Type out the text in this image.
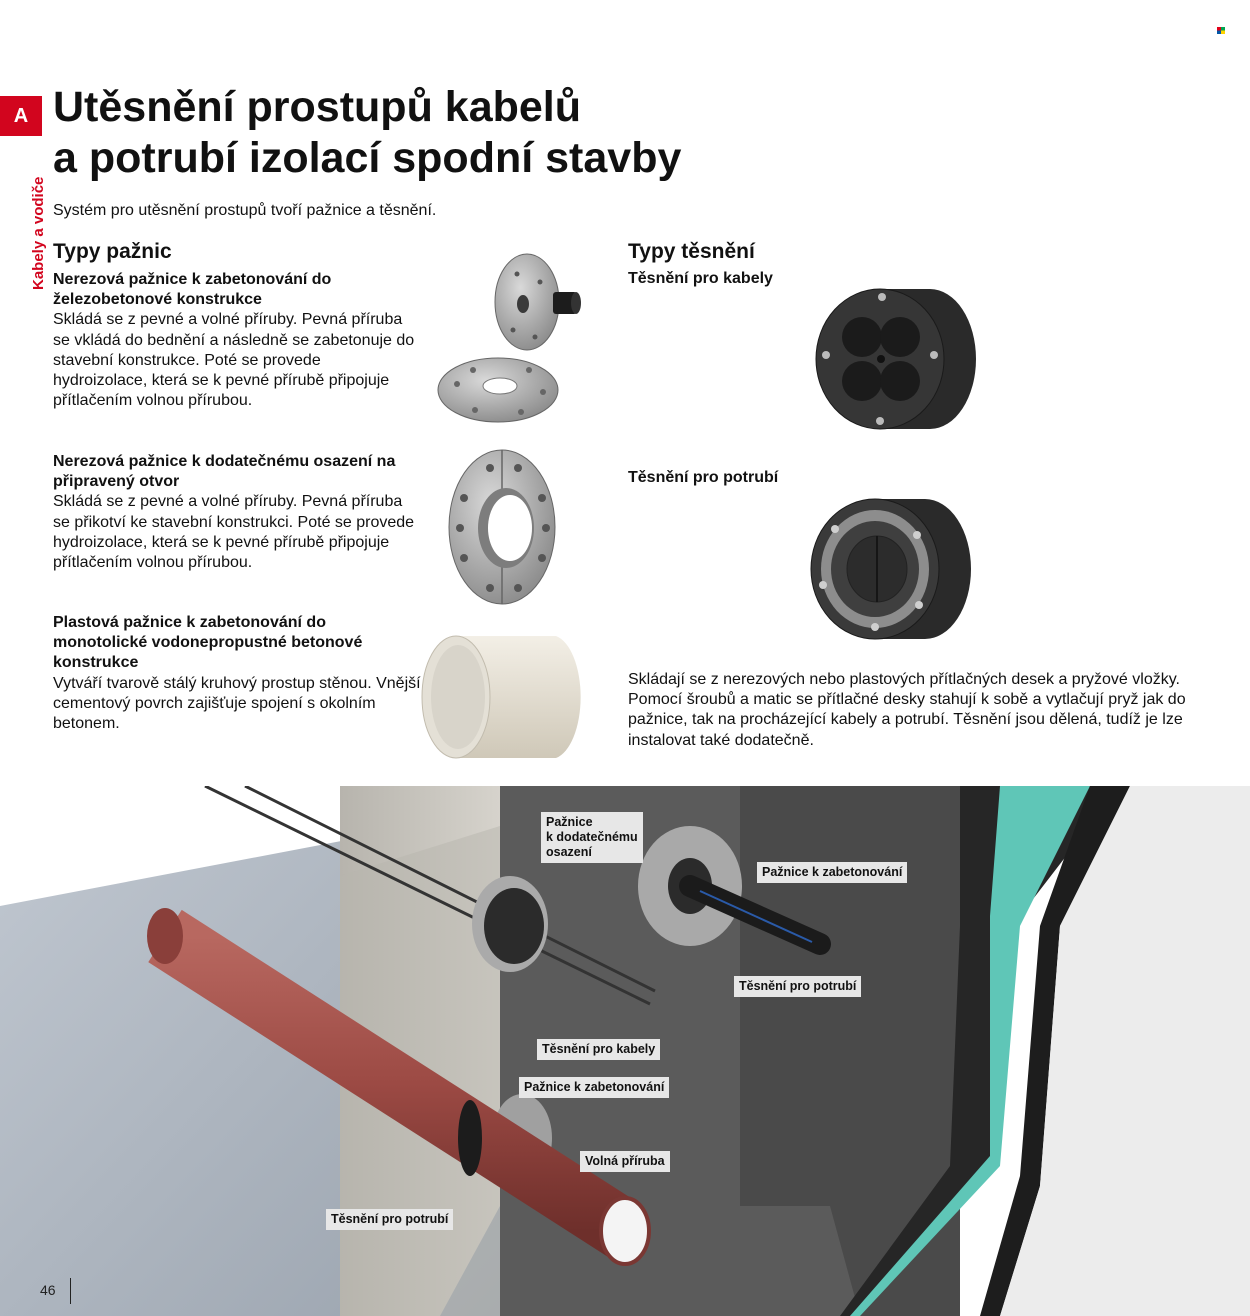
A
Kabely a vodiče
Utěsnění prostupů kabelů
a potrubí izolací spodní stavby
Systém pro utěsnění prostupů tvoří pažnice a těsnění.
Typy pažnic
Nerezová pažnice k zabetonování do železobetonové konstrukce
Skládá se z pevné a volné příruby. Pevná příruba se vkládá do bednění a následně se zabetonuje do stavební konstrukce. Poté se provede hydroizolace, která se k pevné přírubě připojuje přítlačením volnou přírubou.
Nerezová pažnice k dodatečnému osazení na připravený otvor
Skládá se z pevné a volné příruby. Pevná příruba se přikotví ke stavební konstrukci. Poté se provede hydroizolace, která se k pevné přírubě připojuje přítlačením volnou přírubou.
Plastová pažnice k zabetonování do monotolické vodonepropustné betonové konstrukce
Vytváří tvarově stálý kruhový prostup stěnou. Vnější cementový povrch zajišťuje spojení s okolním betonem.
Typy těsnění
Těsnění pro kabely
Těsnění pro potrubí
Skládají se z nerezových nebo plastových přítlačných desek a pryžové vložky. Pomocí šroubů a matic se přítlačné desky stahují k sobě a vytlačují pryž jak do pažnice, tak na procházející kabely a potrubí. Těsnění jsou dělená, tudíž je lze instalovat také dodatečně.
Pažnice
k dodatečnému
osazení
Pažnice k zabetonování
Těsnění pro potrubí
Těsnění pro kabely
Pažnice k zabetonování
Volná příruba
Těsnění pro potrubí
46
